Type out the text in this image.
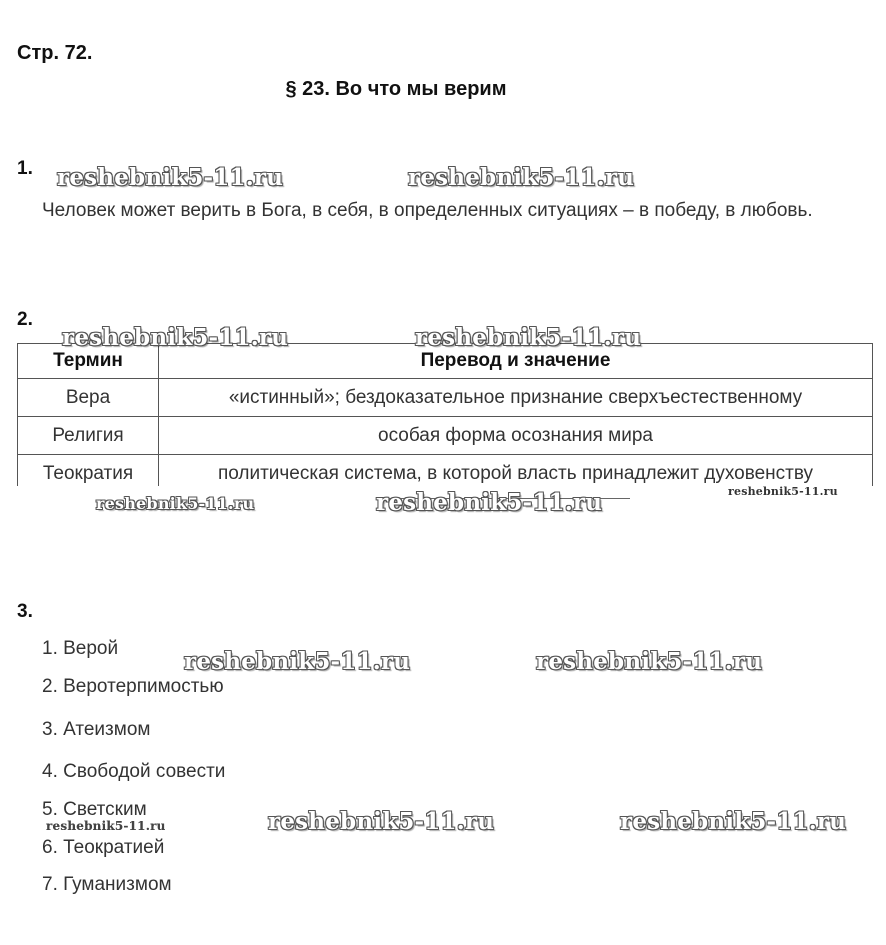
Стр. 72.
§ 23. Во что мы верим
1. reshebnik5-11.ru	reshebnik5-11.ru
Человек может верить в Бога, в себя, в определенных ситуациях – в победу, в любовь.
2.
Термин	Перевод и значение
Вера	«истинный»; бездоказательное признание сверхъестественному
Религия	особая форма осознания мира
Теократия	политическая система, в которой власть принадлежит духовенству
reshebnik5-11.ru	reshebnik5-11.ru
reshebnik5-11.ru	reshebnik5-11.ru	reshebnik5-11.ru
3.
1. Верой
2. Веротерпимостью
3. Атеизмом
4. Свободой совести
5. Светским
6. Теократией
7. Гуманизмом
reshebnik5-11.ru	reshebnik5-11.ru
reshebnik5-11.ru	reshebnik5-11.ru	reshebnik5-11.ru
